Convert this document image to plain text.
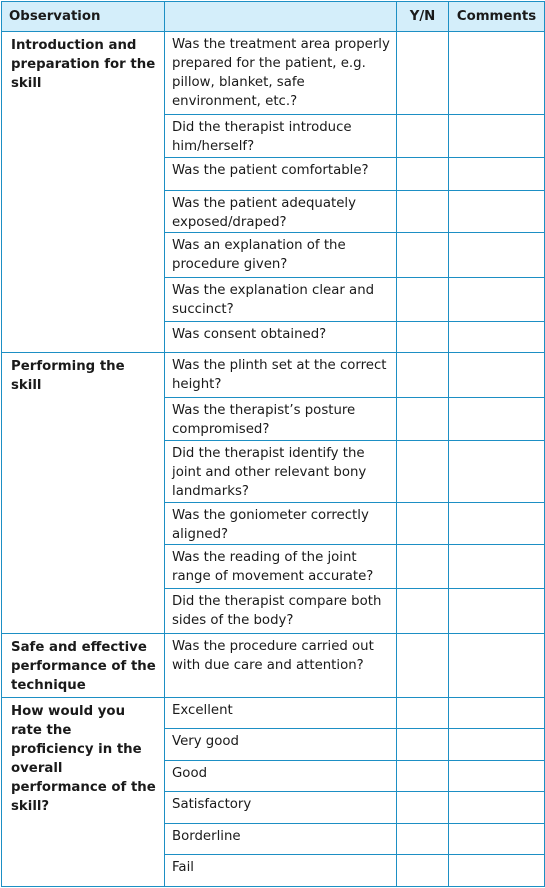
Observation		Y/N	Comments
Introduction and preparation for the skill	Was the treatment area properly prepared for the patient, e.g. pillow, blanket, safe environment, etc.?		
	Did the therapist introduce him/herself?		
	Was the patient comfortable?		
	Was the patient adequately exposed/draped?		
	Was an explanation of the procedure given?		
	Was the explanation clear and succinct?		
	Was consent obtained?		
Performing the skill	Was the plinth set at the correct height?		
	Was the therapist’s posture compromised?		
	Did the therapist identify the joint and other relevant bony landmarks?		
	Was the goniometer correctly aligned?		
	Was the reading of the joint range of movement accurate?		
	Did the therapist compare both sides of the body?		
Safe and effective performance of the technique	Was the procedure carried out with due care and attention?		
How would you rate the proficiency in the overall performance of the skill?	Excellent		
	Very good		
	Good		
	Satisfactory		
	Borderline		
	Fail		
